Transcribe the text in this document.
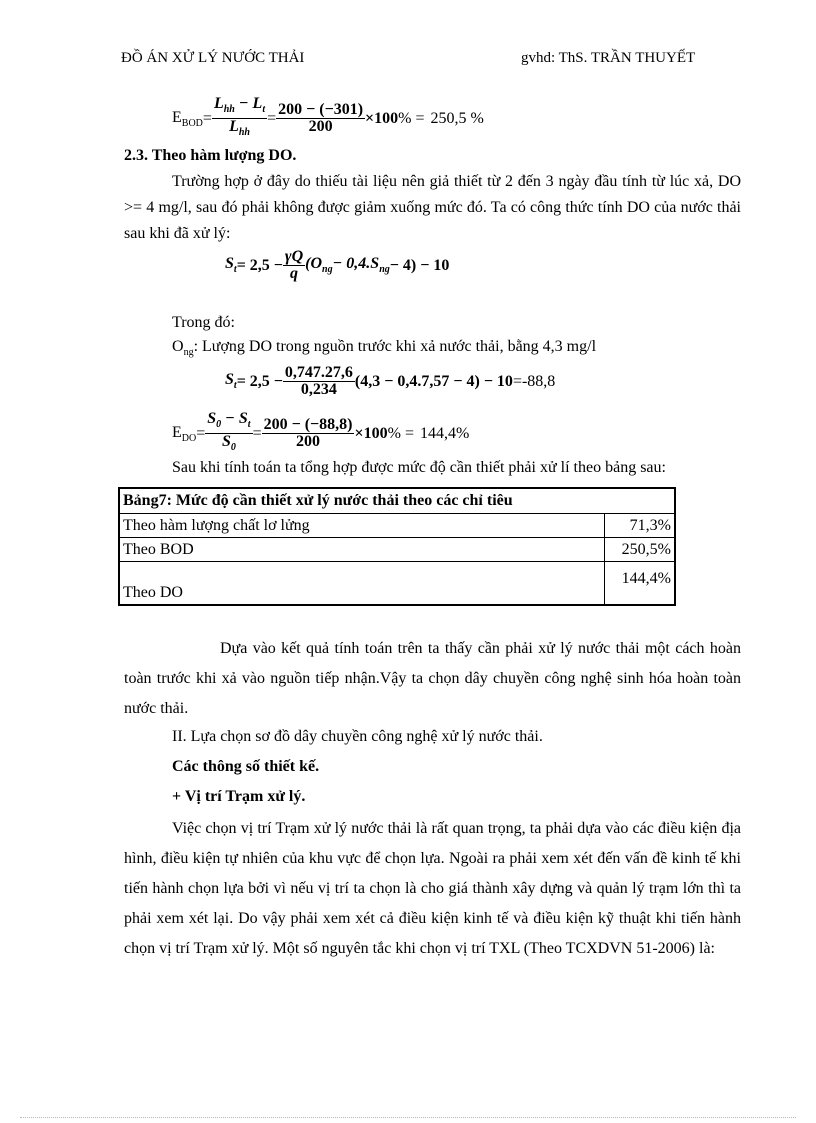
ĐỒ ÁN XỬ LÝ NƯỚC THẢI	gvhd: ThS. TRẦN THUYẾT
$E_{BOD} = \frac{L_{hh} - L_t}{L_{hh}} = \frac{200 - (-301)}{200} \times 100$ % = 250,5 %
2.3. Theo hàm lượng DO.
Trường hợp ở đây do thiếu tài liệu nên giả thiết từ 2 đến 3 ngày đầu tính từ lúc xả, DO >= 4 mg/l, sau đó phải không được giảm xuống mức đó. Ta có công thức tính DO của nước thải sau khi đã xử lý:
$S_t = 2,5 - \frac{\gamma Q}{q} (O_{ng} - 0,4.S_{ng} - 4) - 10$
Trong đó:
$O_{ng}$: Lượng DO trong nguồn trước khi xả nước thải, bằng 4,3 mg/l
$S_t = 2,5 - \frac{0,747.27,6}{0,234} (4,3 - 0,4.7,57 - 4) - 10 = -88,8$
$E_{DO} = \frac{S_0 - S_t}{S_0} = \frac{200 - (-88,8)}{200} \times 100$ % = 144,4%
Sau khi tính toán ta tổng hợp được mức độ cần thiết phải xử lí theo bảng sau:
Bảng7: Mức độ cần thiết xử lý nước thải theo các chỉ tiêu	
Theo hàm lượng chất lơ lửng	71,3%
Theo BOD	250,5%
Theo DO	144,4%
Dựa vào kết quả tính toán trên ta thấy cần phải xử lý nước thải một cách hoàn toàn trước khi xả vào nguồn tiếp nhận.Vậy ta chọn dây chuyền công nghệ sinh hóa hoàn toàn nước thải.
II. Lựa chọn sơ đồ dây chuyền công nghệ xử lý nước thải.
Các thông số thiết kế.
+ Vị trí Trạm xử lý.
Việc chọn vị trí Trạm xử lý nước thải là rất quan trọng, ta phải dựa vào các điều kiện địa hình, điều kiện tự nhiên của khu vực để chọn lựa. Ngoài ra phải xem xét đến vấn đề kinh tế khi tiến hành chọn lựa bởi vì nếu vị trí ta chọn là cho giá thành xây dựng và quản lý trạm lớn thì ta phải xem xét lại. Do vậy phải xem xét cả điều kiện kinh tế và điều kiện kỹ thuật khi tiến hành chọn vị trí Trạm xử lý. Một số nguyên tắc khi chọn vị trí TXL (Theo TCXDVN 51-2006) là:
